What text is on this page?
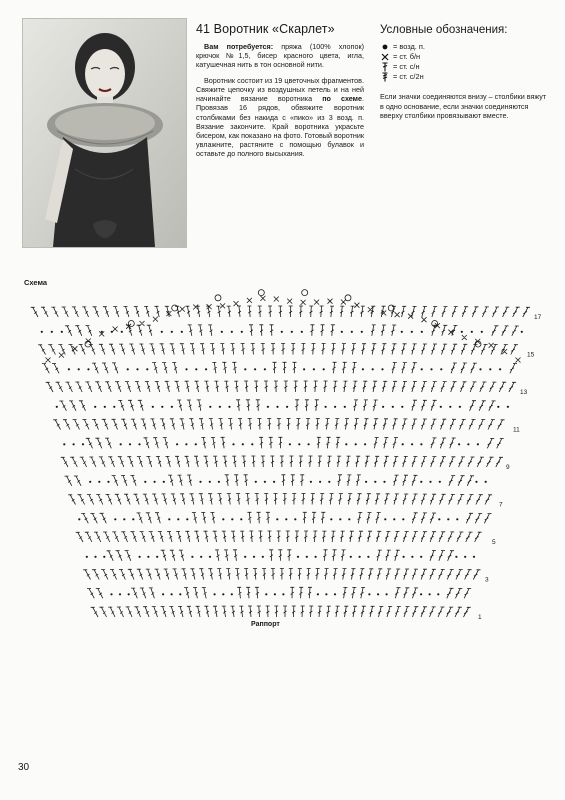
41 Воротник «Скарлет»

Вам потребуется: пряжа (100% хлопок) крючок №1,5, бисер красного цвета, игла, катушечная нить в тон основной нити.

Воротник состоит из 19 цветочных фрагментов. Свяжите цепочку из воздушных петель и на ней начинайте вязание воротника по схеме. Провязав 16 рядов, обвяжите воротник столбиками без накида с «пико» из 3 возд. п. Вязание закончите. Край воротника украсьте бисером, как показано на фото. Готовый воротник увлажните, растяните с помощью булавок и оставьте до полного высыхания.

Условные обозначения:
= возд. п.
= ст. б/н
= ст. с/н
= ст. с/2н
Если значки соединяются внизу – столбики вяжут в одно основание, если значки соединяются вверху столбики провязывают вместе.
Схема
1
3
5
7
9
11
13
15
17
Раппорт
30
